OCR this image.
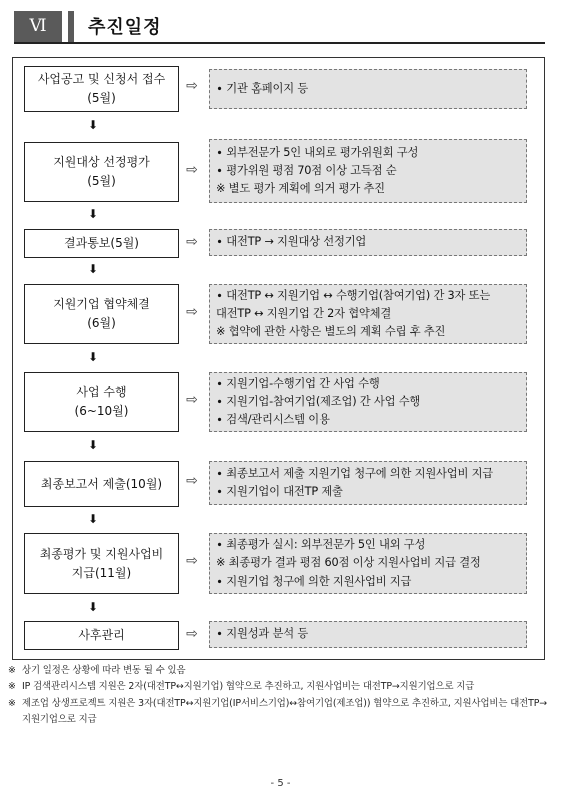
Ⅵ	추진일정
사업공고 및 신청서 접수
(5월)
⇨	∙ 기관 홈페이지 등
⬇
지원대상 선정평가
(5월)
⇨
∙ 외부전문가 5인 내외로 평가위원회 구성
∙ 평가위원 평점 70점 이상 고득점 순
※ 별도 평가 계획에 의거 평가 추진
⬇
결과통보(5월)	⇨	∙ 대전TP → 지원대상 선정기업
⬇
지원기업 협약체결
(6월)
⇨
∙ 대전TP ↔ 지원기업 ↔ 수행기업(참여기업) 간 3자 또는
대전TP ↔ 지원기업 간 2자 협약체결
※ 협약에 관한 사항은 별도의 계획 수립 후 추진
⬇
사업 수행
(6~10월)
⇨
∙ 지원기업-수행기업 간 사업 수행
∙ 지원기업-참여기업(제조업) 간 사업 수행
∙ 검색/관리시스템 이용
⬇
최종보고서 제출(10월) ⇨	∙ 최종보고서 제출 지원기업 청구에 의한 지원사업비 지급
∙ 지원기업이 대전TP 제출
⬇
최종평가 및 지원사업비
지급(11월)
⇨
∙ 최종평가 실시: 외부전문가 5인 내외 구성
※ 최종평가 결과 평점 60점 이상 지원사업비 지급 결정
∙ 지원기업 청구에 의한 지원사업비 지급
⬇
사후관리	⇨	∙ 지원성과 분석 등
※ 상기 일정은 상황에 따라 변동 될 수 있음
※ IP 검색관리시스템 지원은 2자(대전TP↔지원기업) 협약으로 추진하고, 지원사업비는 대전TP→지원기업으로 지급
※ 제조업 상생프로젝트 지원은 3자(대전TP↔지원기업(IP서비스기업)↔참여기업(제조업)) 협약으로 추진하고, 지원사업비는 대전TP→지원기업으로 지급
- 5 -
